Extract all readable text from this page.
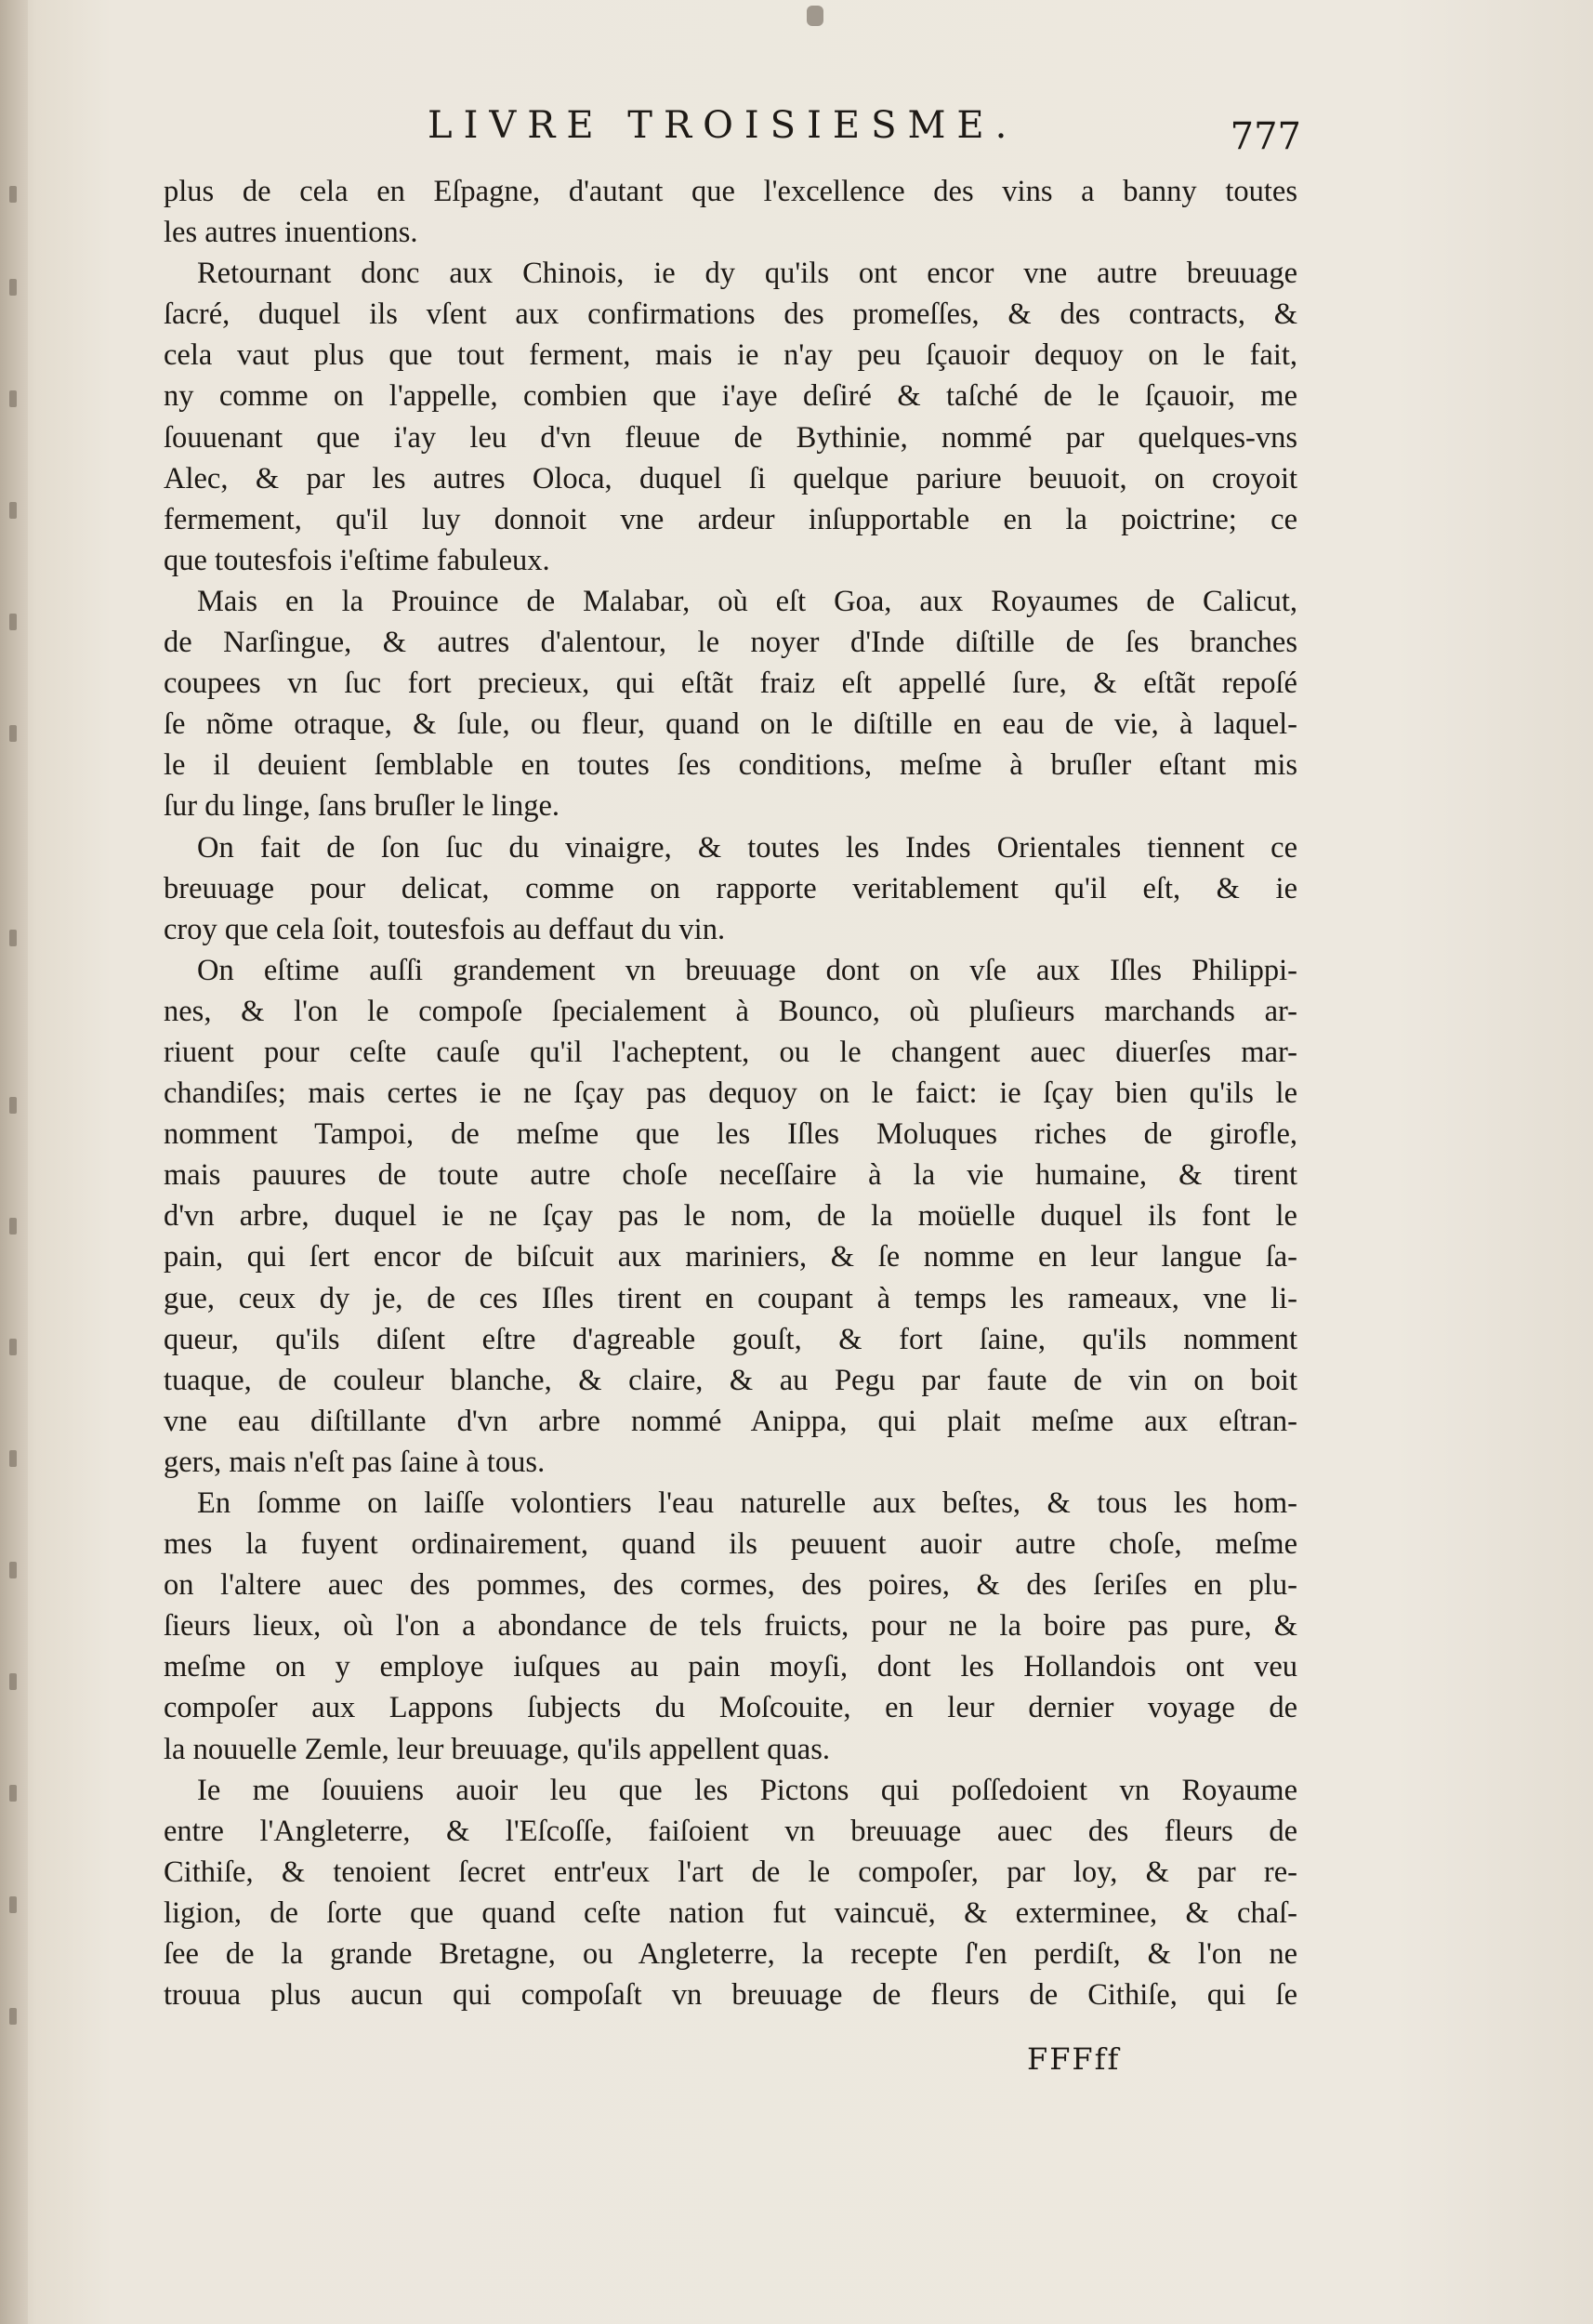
LIVRE TROISIESME.	777
plus de cela en Eſpagne, d'autant que l'excellence des vins a banny toutes
les autres inuentions.
Retournant donc aux Chinois, ie dy qu'ils ont encor vne autre breuuage
ſacré, duquel ils vſent aux confirmations des promeſſes, & des contracts, &
cela vaut plus que tout ferment, mais ie n'ay peu ſçauoir dequoy on le fait,
ny comme on l'appelle, combien que i'aye deſiré & taſché de le ſçauoir, me
ſouuenant que i'ay leu d'vn fleuue de Bythinie, nommé par quelques-vns
Alec, & par les autres Oloca, duquel ſi quelque pariure beuuoit, on croyoit
fermement, qu'il luy donnoit vne ardeur inſupportable en la poictrine; ce
que toutesfois i'eſtime fabuleux.
Mais en la Prouince de Malabar, où eſt Goa, aux Royaumes de Calicut,
de Narſingue, & autres d'alentour, le noyer d'Inde diſtille de ſes branches
coupees vn ſuc fort precieux, qui eſtãt fraiz eſt appellé ſure, & eſtãt repoſé
ſe nõme otraque, & ſule, ou fleur, quand on le diſtille en eau de vie, à laquel-
le il deuient ſemblable en toutes ſes conditions, meſme à bruſler eſtant mis
ſur du linge, ſans bruſler le linge.
On fait de ſon ſuc du vinaigre, & toutes les Indes Orientales tiennent ce
breuuage pour delicat, comme on rapporte veritablement qu'il eſt, & ie
croy que cela ſoit, toutesfois au deffaut du vin.
On eſtime auſſi grandement vn breuuage dont on vſe aux Iſles Philippi-
nes, & l'on le compoſe ſpecialement à Bounco, où pluſieurs marchands ar-
riuent pour ceſte cauſe qu'il l'acheptent, ou le changent auec diuerſes mar-
chandiſes; mais certes ie ne ſçay pas dequoy on le faict: ie ſçay bien qu'ils le
nomment Tampoi, de meſme que les Iſles Moluques riches de girofle,
mais pauures de toute autre choſe neceſſaire à la vie humaine, & tirent
d'vn arbre, duquel ie ne ſçay pas le nom, de la moüelle duquel ils font le
pain, qui ſert encor de biſcuit aux mariniers, & ſe nomme en leur langue ſa-
gue, ceux dy je, de ces Iſles tirent en coupant à temps les rameaux, vne li-
queur, qu'ils diſent eſtre d'agreable gouſt, & fort ſaine, qu'ils nomment
tuaque, de couleur blanche, & claire, & au Pegu par faute de vin on boit
vne eau diſtillante d'vn arbre nommé Anippa, qui plait meſme aux eſtran-
gers, mais n'eſt pas ſaine à tous.
En ſomme on laiſſe volontiers l'eau naturelle aux beſtes, & tous les hom-
mes la fuyent ordinairement, quand ils peuuent auoir autre choſe, meſme
on l'altere auec des pommes, des cormes, des poires, & des ſeriſes en plu-
ſieurs lieux, où l'on a abondance de tels fruicts, pour ne la boire pas pure, &
meſme on y employe iuſques au pain moyſi, dont les Hollandois ont veu
compoſer aux Lappons ſubjects du Moſcouite, en leur dernier voyage de
la nouuelle Zemle, leur breuuage, qu'ils appellent quas.
Ie me ſouuiens auoir leu que les Pictons qui poſſedoient vn Royaume
entre l'Angleterre, & l'Eſcoſſe, faiſoient vn breuuage auec des fleurs de
Cithiſe, & tenoient ſecret entr'eux l'art de le compoſer, par loy, & par re-
ligion, de ſorte que quand ceſte nation fut vaincuë, & exterminee, & chaſ-
ſee de la grande Bretagne, ou Angleterre, la recepte ſ'en perdiſt, & l'on ne
trouua plus aucun qui compoſaſt vn breuuage de fleurs de Cithiſe, qui ſe
FFFff
